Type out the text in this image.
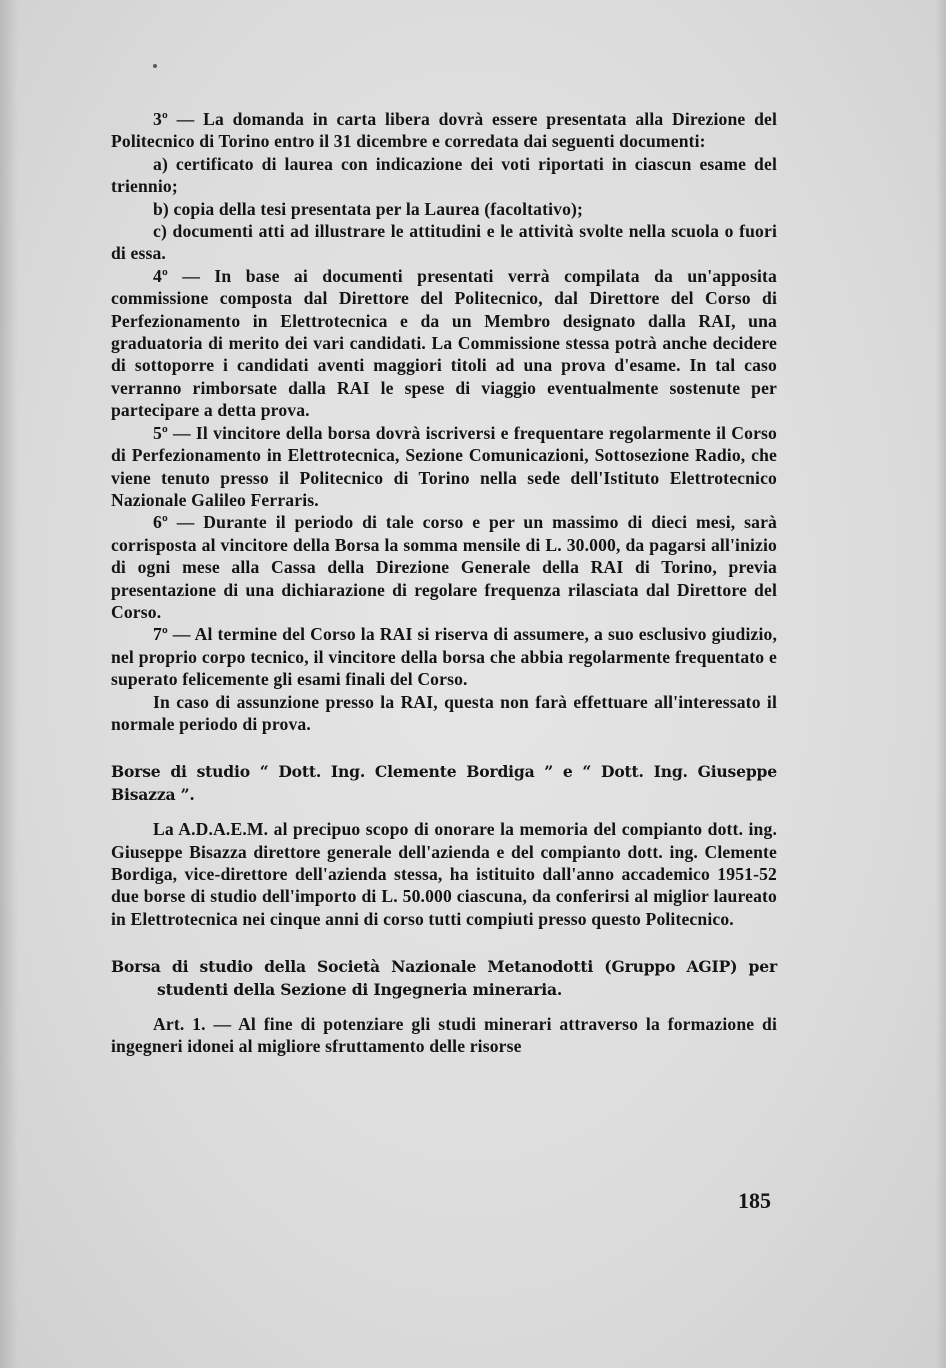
3º — La domanda in carta libera dovrà essere presentata alla Direzione del Politecnico di Torino entro il 31 dicembre e corredata dai seguenti documenti:

a) certificato di laurea con indicazione dei voti riportati in ciascun esame del triennio;

b) copia della tesi presentata per la Laurea (facoltativo);

c) documenti atti ad illustrare le attitudini e le attività svolte nella scuola o fuori di essa.

4º — In base ai documenti presentati verrà compilata da un'apposita commissione composta dal Direttore del Politecnico, dal Direttore del Corso di Perfezionamento in Elettrotecnica e da un Membro designato dalla RAI, una graduatoria di merito dei vari candidati. La Commissione stessa potrà anche decidere di sottoporre i candidati aventi maggiori titoli ad una prova d'esame. In tal caso verranno rimborsate dalla RAI le spese di viaggio eventualmente sostenute per partecipare a detta prova.

5º — Il vincitore della borsa dovrà iscriversi e frequentare regolarmente il Corso di Perfezionamento in Elettrotecnica, Sezione Comunicazioni, Sottosezione Radio, che viene tenuto presso il Politecnico di Torino nella sede dell'Istituto Elettrotecnico Nazionale Galileo Ferraris.

6º — Durante il periodo di tale corso e per un massimo di dieci mesi, sarà corrisposta al vincitore della Borsa la somma mensile di L. 30.000, da pagarsi all'inizio di ogni mese alla Cassa della Direzione Generale della RAI di Torino, previa presentazione di una dichiarazione di regolare frequenza rilasciata dal Direttore del Corso.

7º — Al termine del Corso la RAI si riserva di assumere, a suo esclusivo giudizio, nel proprio corpo tecnico, il vincitore della borsa che abbia regolarmente frequentato e superato felicemente gli esami finali del Corso.

In caso di assunzione presso la RAI, questa non farà effettuare all'interessato il normale periodo di prova.

Borse di studio “ Dott. Ing. Clemente Bordiga ” e “ Dott. Ing. Giuseppe Bisazza ”.

La A.D.A.E.M. al precipuo scopo di onorare la memoria del compianto dott. ing. Giuseppe Bisazza direttore generale dell'azienda e del compianto dott. ing. Clemente Bordiga, vice-direttore dell'azienda stessa, ha istituito dall'anno accademico 1951-52 due borse di studio dell'importo di L. 50.000 ciascuna, da conferirsi al miglior laureato in Elettrotecnica nei cinque anni di corso tutti compiuti presso questo Politecnico.

Borsa di studio della Società Nazionale Metanodotti (Gruppo AGIP) per studenti della Sezione di Ingegneria mineraria.

Art. 1. — Al fine di potenziare gli studi minerari attraverso la formazione di ingegneri idonei al migliore sfruttamento delle risorse

185
